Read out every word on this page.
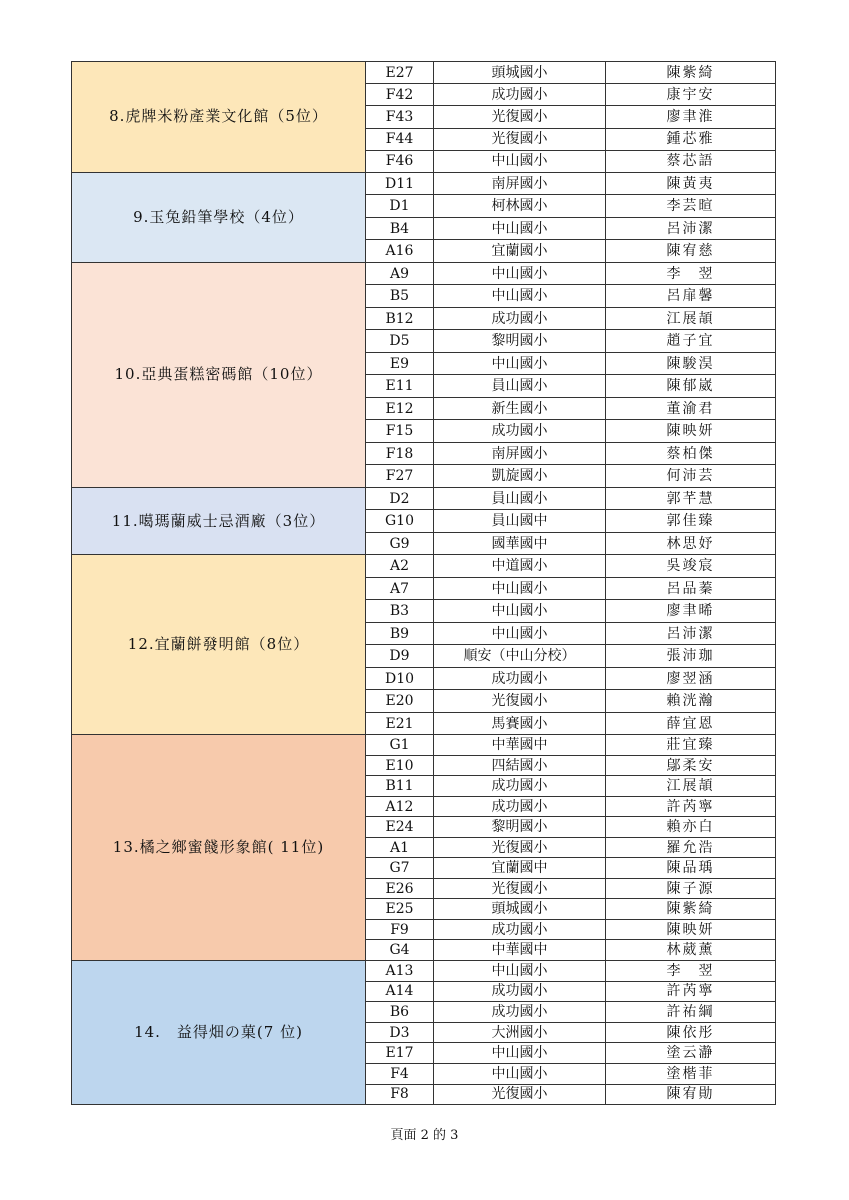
8.虎牌米粉產業文化館（5位）	E27	頭城國小	陳紫綺
	F42	成功國小	康宇安
	F43	光復國小	廖聿淮
	F44	光復國小	鍾芯雅
	F46	中山國小	蔡芯語
9.玉兔鉛筆學校（4位）	D11	南屏國小	陳黃夷
	D1	柯林國小	李芸暄
	B4	中山國小	呂沛潔
	A16	宜蘭國小	陳宥慈
10.亞典蛋糕密碼館（10位）	A9	中山國小	李　翌
	B5	中山國小	呂扉馨
	B12	成功國小	江展頡
	D5	黎明國小	趙子宜
	E9	中山國小	陳駿淏
	E11	員山國小	陳郁崴
	E12	新生國小	董渝君
	F15	成功國小	陳映妍
	F18	南屏國小	蔡柏傑
	F27	凱旋國小	何沛芸
11.噶瑪蘭威士忌酒廠（3位）	D2	員山國小	郭芊慧
	G10	員山國中	郭佳臻
	G9	國華國中	林思妤
12.宜蘭餅發明館（8位）	A2	中道國小	吳竣宸
	A7	中山國小	呂品蓁
	B3	中山國小	廖聿晞
	B9	中山國小	呂沛潔
	D9	順安（中山分校）	張沛珈
	D10	成功國小	廖翌涵
	E20	光復國小	賴洸瀚
	E21	馬賽國小	薛宜恩
13.橘之鄉蜜餞形象館( 11位)	G1	中華國中	莊宜臻
	E10	四結國小	鄔柔安
	B11	成功國小	江展頡
	A12	成功國小	許芮寧
	E24	黎明國小	賴亦白
	A1	光復國小	羅允浩
	G7	宜蘭國中	陳品瑀
	E26	光復國小	陳子源
	E25	頭城國小	陳紫綺
	F9	成功國小	陳映妍
	G4	中華國中	林葳薰
14.　益得畑の菓(7 位)	A13	中山國小	李　翌
	A14	成功國小	許芮寧
	B6	成功國小	許祐綱
	D3	大洲國小	陳依彤
	E17	中山國小	塗云瀞
	F4	中山國小	塗楷菲
	F8	光復國小	陳宥勛
頁面 2 的 3
